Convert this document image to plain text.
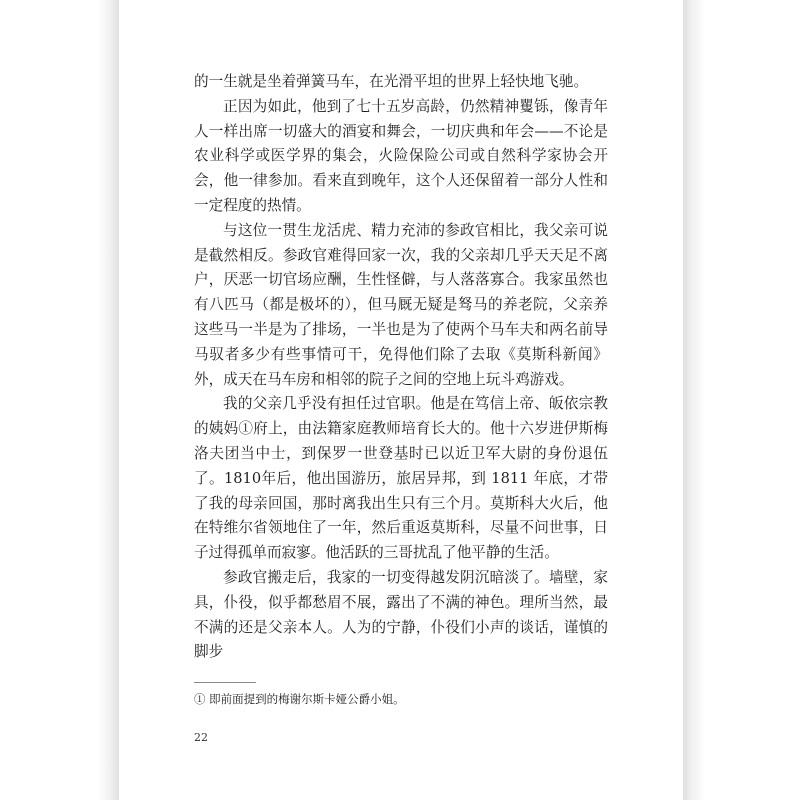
的一生就是坐着弹簧马车，在光滑平坦的世界上轻快地飞驰。

正因为如此，他到了七十五岁高龄，仍然精神矍铄，像青年人一样出席一切盛大的酒宴和舞会，一切庆典和年会——不论是农业科学或医学界的集会，火险保险公司或自然科学家协会开会，他一律参加。看来直到晚年，这个人还保留着一部分人性和一定程度的热情。

与这位一贯生龙活虎、精力充沛的参政官相比，我父亲可说是截然相反。参政官难得回家一次，我的父亲却几乎天天足不离户，厌恶一切官场应酬，生性怪僻，与人落落寡合。我家虽然也有八匹马（都是极坏的），但马厩无疑是驽马的养老院，父亲养这些马一半是为了排场，一半也是为了使两个马车夫和两名前导马驭者多少有些事情可干，免得他们除了去取《莫斯科新闻》外，成天在马车房和相邻的院子之间的空地上玩斗鸡游戏。

我的父亲几乎没有担任过官职。他是在笃信上帝、皈依宗教的姨妈①府上，由法籍家庭教师培育长大的。他十六岁进伊斯梅洛夫团当中士，到保罗一世登基时已以近卫军大尉的身份退伍了。1810年后，他出国游历，旅居异邦，到 1811 年底，才带了我的母亲回国，那时离我出生只有三个月。莫斯科大火后，他在特维尔省领地住了一年，然后重返莫斯科，尽量不问世事，日子过得孤单而寂寥。他活跃的三哥扰乱了他平静的生活。

参政官搬走后，我家的一切变得越发阴沉暗淡了。墙壁，家具，仆役，似乎都愁眉不展，露出了不满的神色。理所当然，最不满的还是父亲本人。人为的宁静，仆役们小声的谈话，谨慎的脚步

① 即前面提到的梅谢尔斯卡娅公爵小姐。
22
